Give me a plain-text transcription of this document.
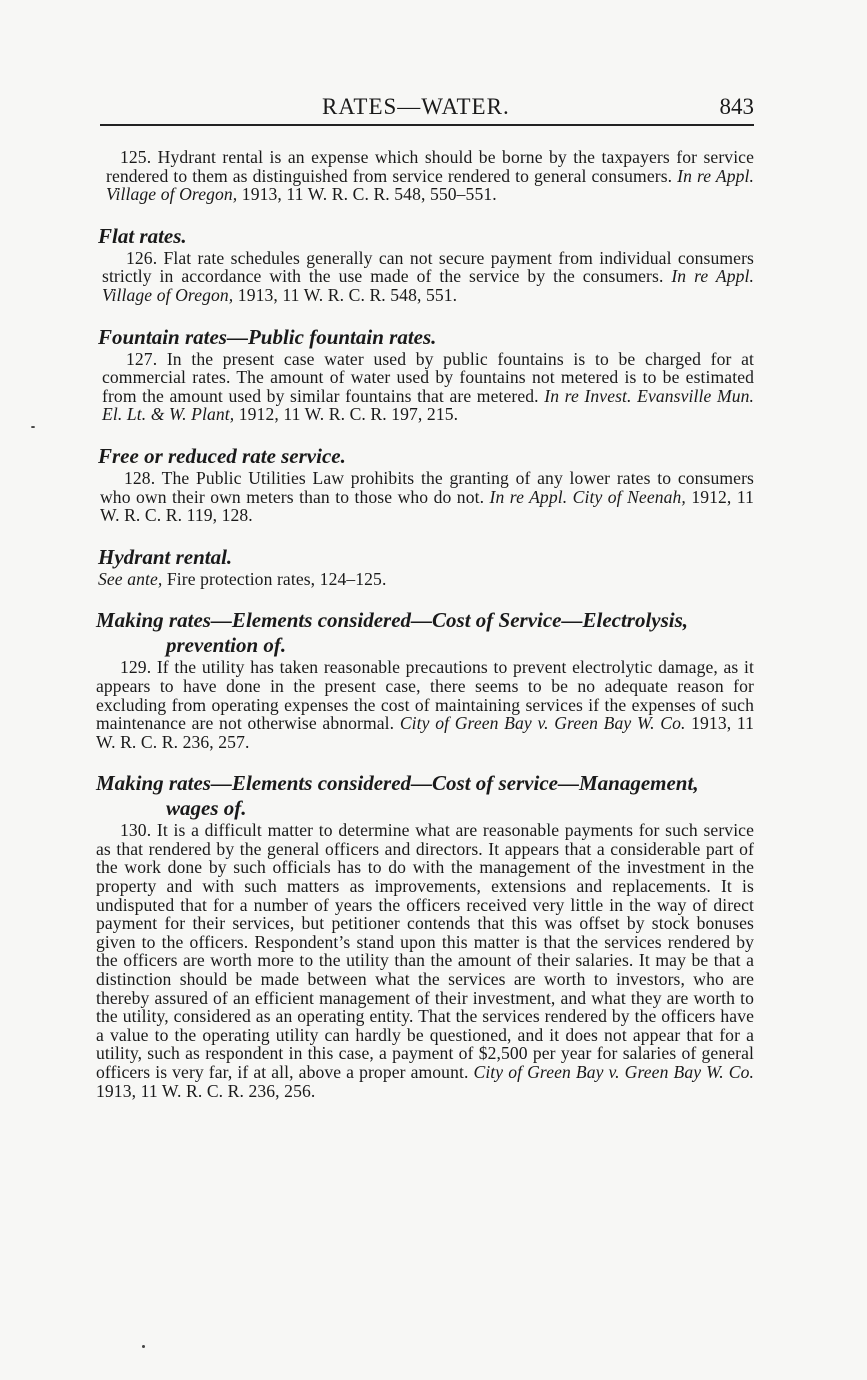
RATES—WATER.	843

125. Hydrant rental is an expense which should be borne by the taxpayers for service rendered to them as distinguished from service rendered to general consumers. In re Appl. Village of Oregon, 1913, 11 W. R. C. R. 548, 550–551.

Flat rates.

126. Flat rate schedules generally can not secure payment from individual consumers strictly in accordance with the use made of the service by the consumers. In re Appl. Village of Oregon, 1913, 11 W. R. C. R. 548, 551.

Fountain rates—Public fountain rates.

127. In the present case water used by public fountains is to be charged for at commercial rates. The amount of water used by fountains not metered is to be estimated from the amount used by similar fountains that are metered. In re Invest. Evansville Mun. El. Lt. & W. Plant, 1912, 11 W. R. C. R. 197, 215.

Free or reduced rate service.

128. The Public Utilities Law prohibits the granting of any lower rates to consumers who own their own meters than to those who do not. In re Appl. City of Neenah, 1912, 11 W. R. C. R. 119, 128.

Hydrant rental.

See ante, Fire protection rates, 124–125.

Making rates—Elements considered—Cost of Service—Electrolysis, prevention of.

129. If the utility has taken reasonable precautions to prevent electrolytic damage, as it appears to have done in the present case, there seems to be no adequate reason for excluding from operating expenses the cost of maintaining services if the expenses of such maintenance are not otherwise abnormal. City of Green Bay v. Green Bay W. Co. 1913, 11 W. R. C. R. 236, 257.

Making rates—Elements considered—Cost of service—Management, wages of.

130. It is a difficult matter to determine what are reasonable payments for such service as that rendered by the general officers and directors. It appears that a considerable part of the work done by such officials has to do with the management of the investment in the property and with such matters as improvements, extensions and replacements. It is undisputed that for a number of years the officers received very little in the way of direct payment for their services, but petitioner contends that this was offset by stock bonuses given to the officers. Respondent’s stand upon this matter is that the services rendered by the officers are worth more to the utility than the amount of their salaries. It may be that a distinction should be made between what the services are worth to investors, who are thereby assured of an efficient management of their investment, and what they are worth to the utility, considered as an operating entity. That the services rendered by the officers have a value to the operating utility can hardly be questioned, and it does not appear that for a utility, such as respondent in this case, a payment of $2,500 per year for salaries of general officers is very far, if at all, above a proper amount. City of Green Bay v. Green Bay W. Co. 1913, 11 W. R. C. R. 236, 256.
